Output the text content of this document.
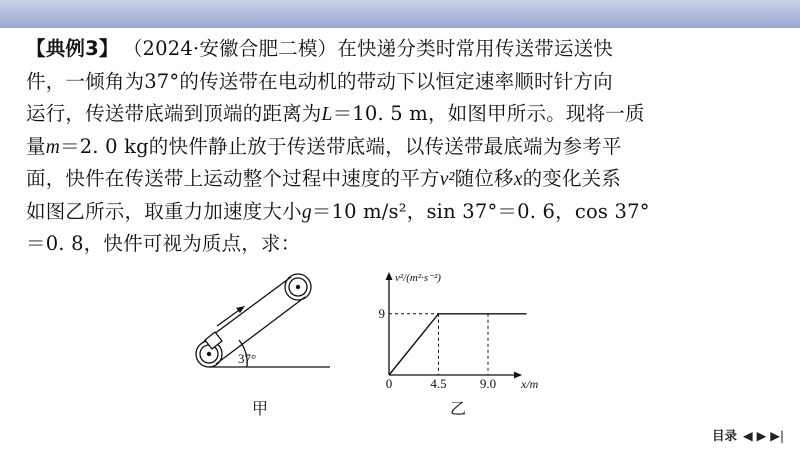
【典例3】 （2024·安徽合肥二模）在快递分类时常用传送带运送快
件，一倾角为37°的传送带在电动机的带动下以恒定速率顺时针方向
运行，传送带底端到顶端的距离为L＝10. 5 m，如图甲所示。现将一质
量m＝2. 0 kg的快件静止放于传送带底端，以传送带最底端为参考平
面，快件在传送带上运动整个过程中速度的平方v²随位移x的变化关系
如图乙所示，取重力加速度大小g＝10 m/s²，sin 37°＝0. 6，cos 37°
＝0. 8，快件可视为质点，求：
37°
甲
0	4.5	9.0
9
v²/(m²·s⁻²)
x/m
乙
目录 ◀ ▶ ▶|
